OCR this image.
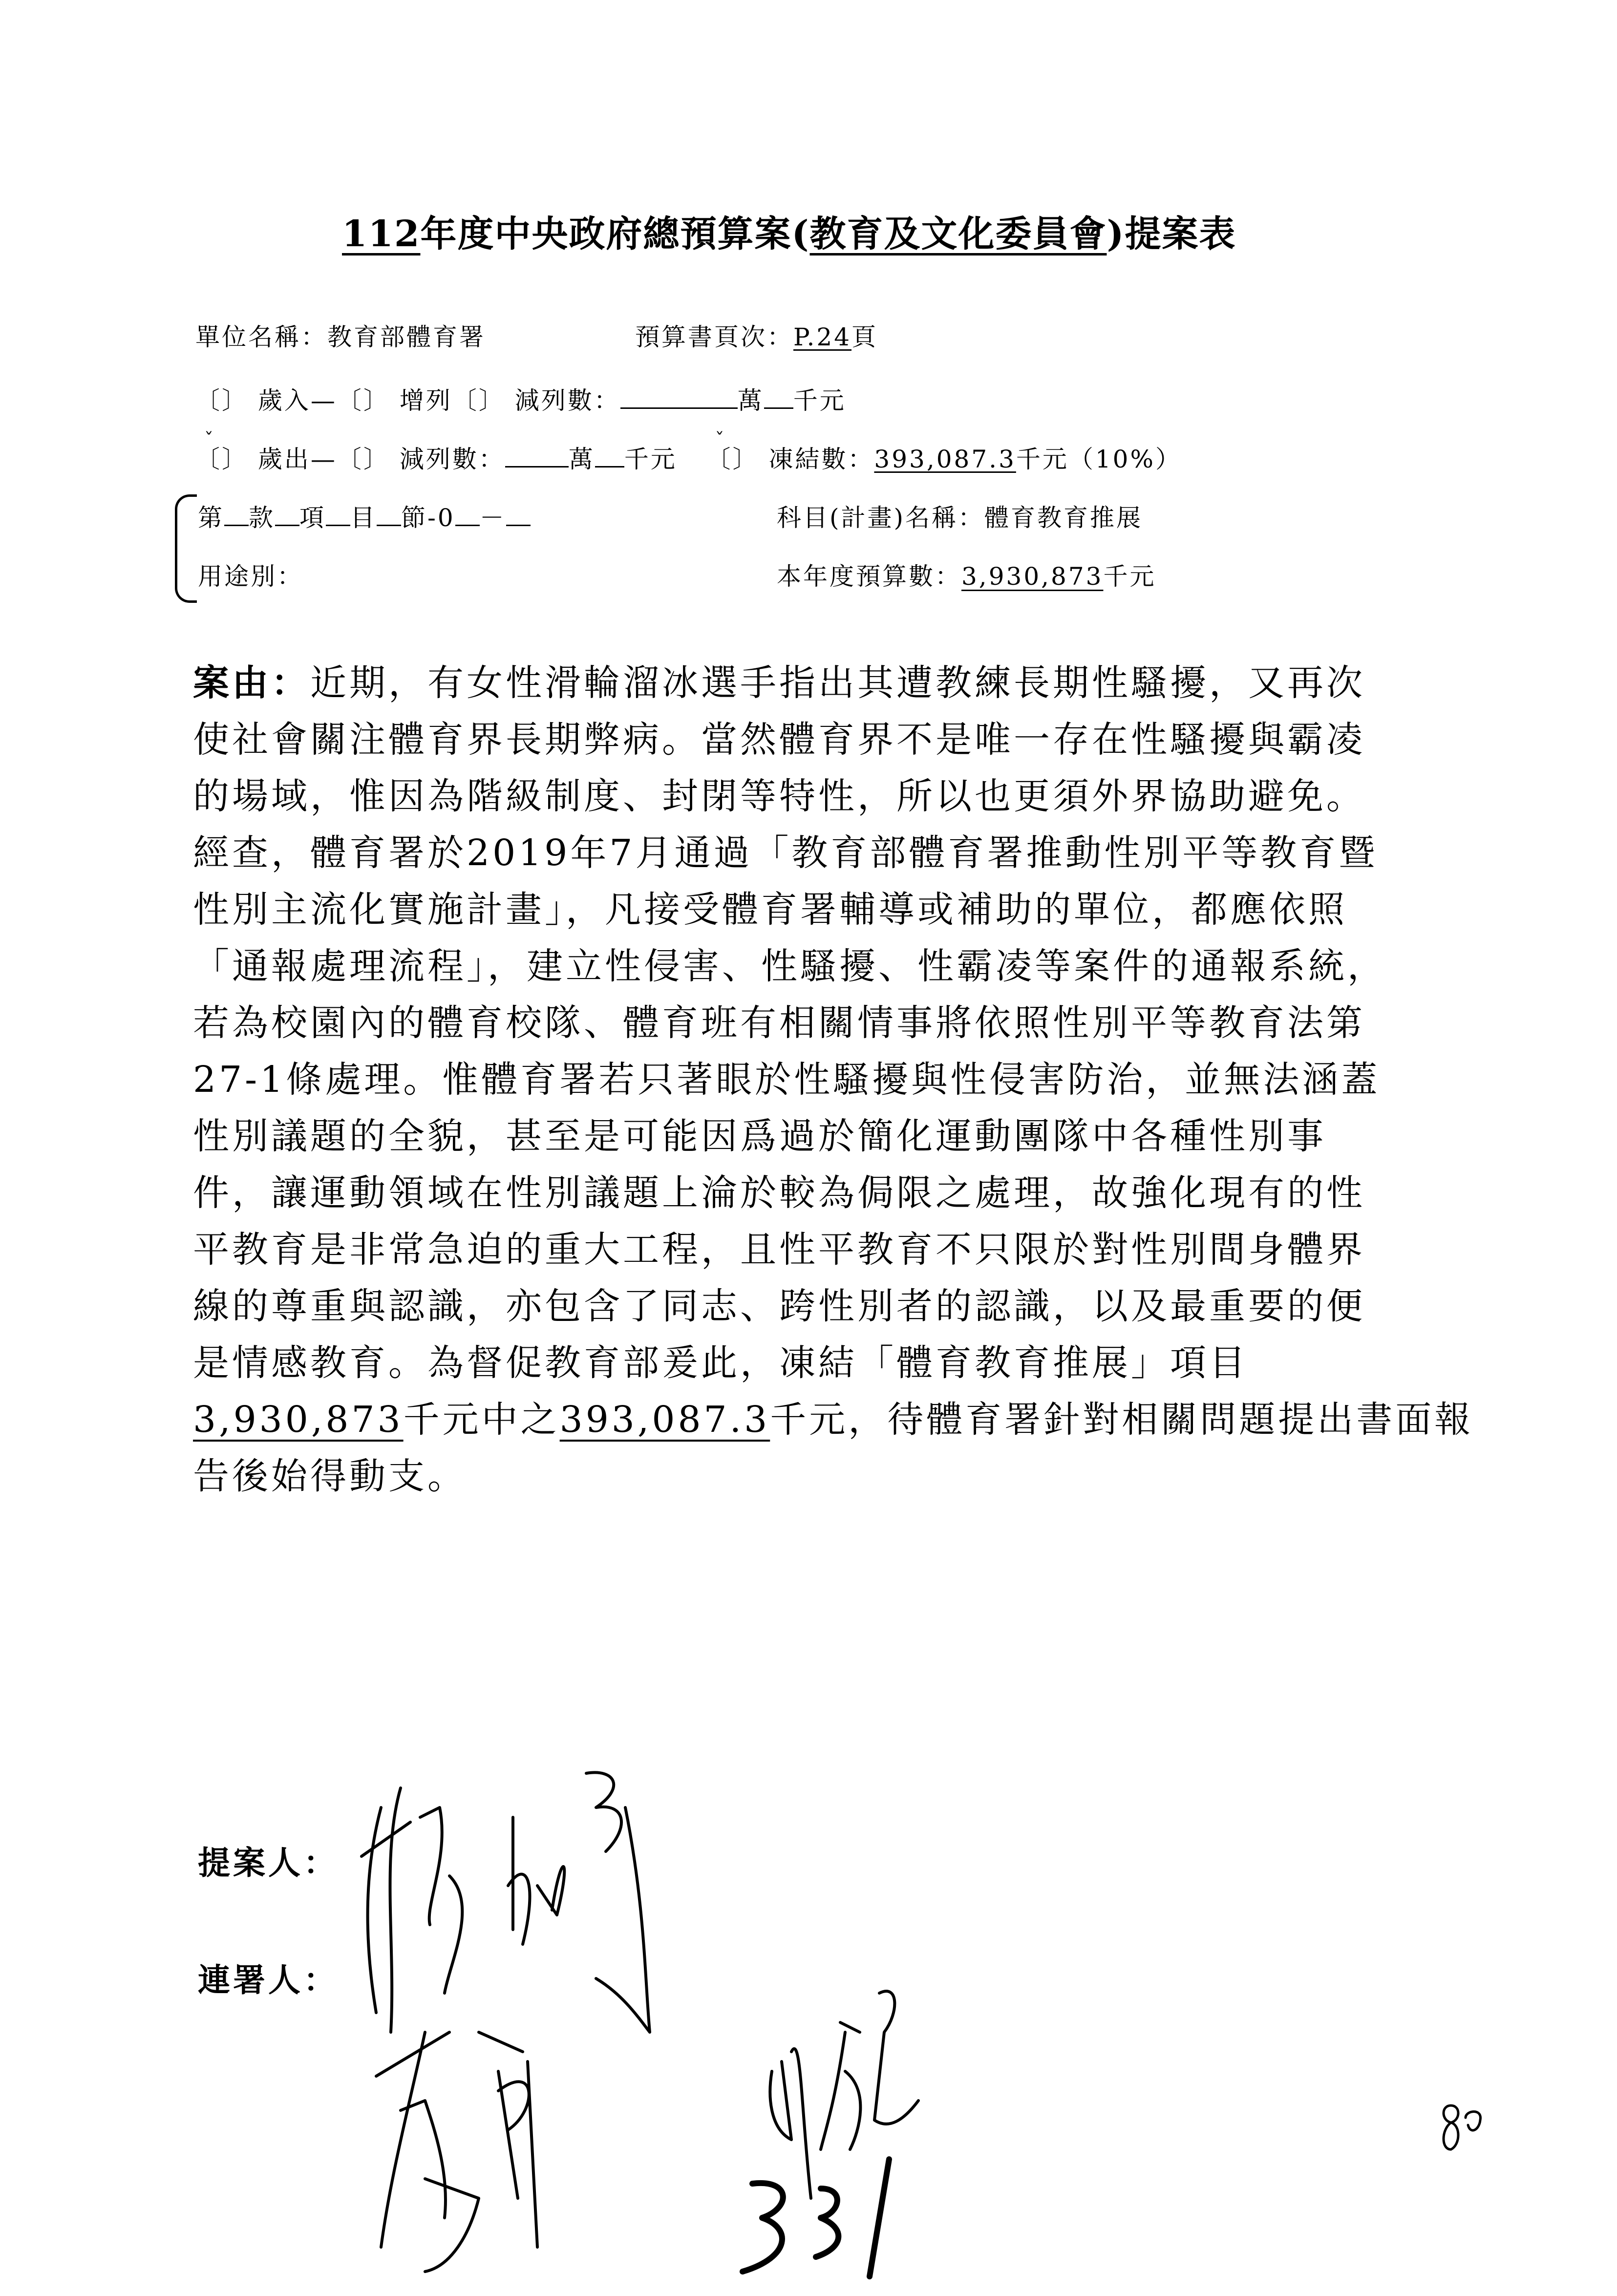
112年度中央政府總預算案(教育及文化委員會)提案表
單位名稱：教育部體育署	預算書頁次：P.24頁
〔〕 歲入—〔〕 增列〔〕 減列數：	萬 千元
ˇ
〔〕 歲出—〔〕 減列數：	萬 千元
ˇ
〔〕 凍結數：393,087.3千元（10%）
第 款 項 目 節-0 －	科目(計畫)名稱：體育教育推展
用途別：	本年度預算數：3,930,873千元
案由：近期，有女性滑輪溜冰選手指出其遭教練長期性騷擾，又再次
使社會關注體育界長期弊病。當然體育界不是唯一存在性騷擾與霸凌
的場域，惟因為階級制度、封閉等特性，所以也更須外界協助避免。
經查，體育署於2019年7月通過「教育部體育署推動性別平等教育暨
性別主流化實施計畫」，凡接受體育署輔導或補助的單位，都應依照
「通報處理流程」，建立性侵害、性騷擾、性霸凌等案件的通報系統，
若為校園內的體育校隊、體育班有相關情事將依照性別平等教育法第
27-1條處理。惟體育署若只著眼於性騷擾與性侵害防治，並無法涵蓋
性別議題的全貌，甚至是可能因爲過於簡化運動團隊中各種性別事
件，讓運動領域在性別議題上淪於較為侷限之處理，故強化現有的性
平教育是非常急迫的重大工程，且性平教育不只限於對性別間身體界
線的尊重與認識，亦包含了同志、跨性別者的認識，以及最重要的便
是情感教育。為督促教育部爰此，凍結「體育教育推展」項目
3,930,873千元中之393,087.3千元，待體育署針對相關問題提出書面報
告後始得動支。
提案人：
連署人：
